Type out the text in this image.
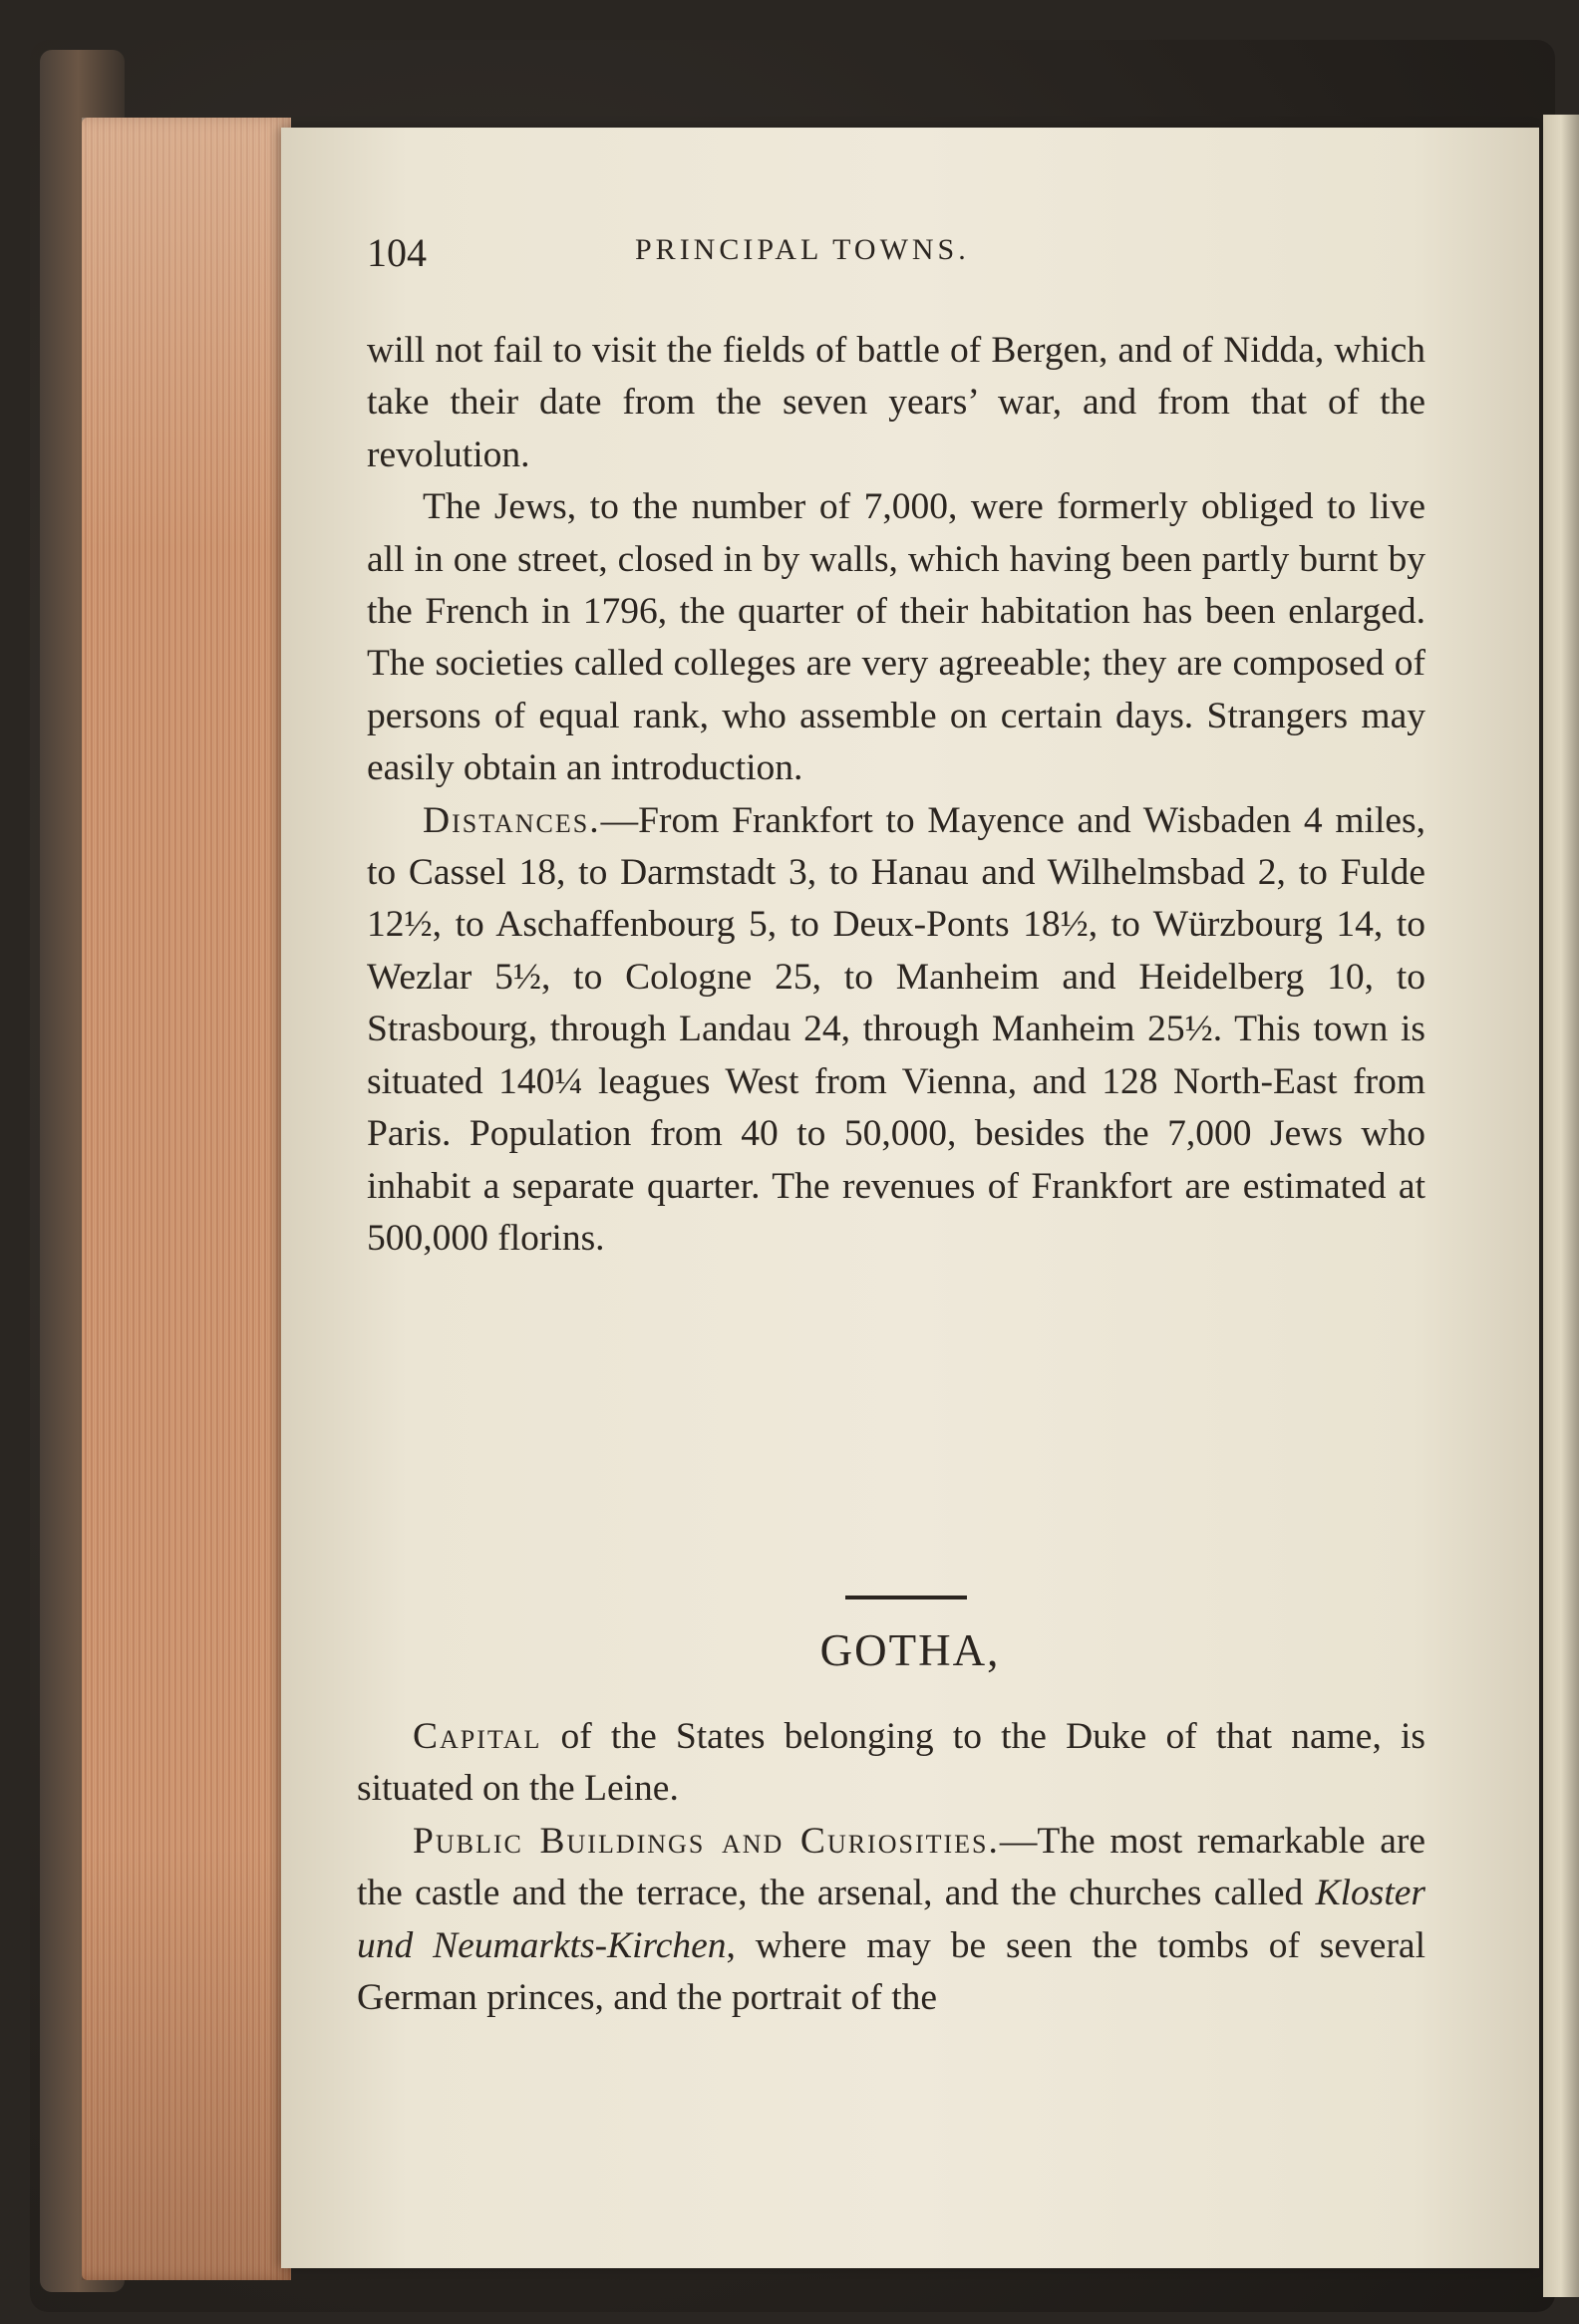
104	PRINCIPAL TOWNS.

will not fail to visit the fields of battle of Bergen, and of Nidda, which take their date from the seven years’ war, and from that of the revolution.

The Jews, to the number of 7,000, were formerly obliged to live all in one street, closed in by walls, which having been partly burnt by the French in 1796, the quarter of their habitation has been enlarged. The societies called colleges are very agreeable; they are composed of persons of equal rank, who assemble on certain days. Strangers may easily obtain an introduction.

Distances.—From Frankfort to Mayence and Wisbaden 4 miles, to Cassel 18, to Darmstadt 3, to Hanau and Wilhelmsbad 2, to Fulde 12½, to Aschaffenbourg 5, to Deux-Ponts 18½, to Würzbourg 14, to Wezlar 5½, to Cologne 25, to Manheim and Heidelberg 10, to Strasbourg, through Landau 24, through Manheim 25½. This town is situated 140¼ leagues West from Vienna, and 128 North-East from Paris. Population from 40 to 50,000, besides the 7,000 Jews who inhabit a separate quarter. The revenues of Frankfort are estimated at 500,000 florins.

GOTHA,

Capital of the States belonging to the Duke of that name, is situated on the Leine.

Public Buildings and Curiosities.—The most remarkable are the castle and the terrace, the arsenal, and the churches called Kloster und Neumarkts-Kirchen, where may be seen the tombs of several German princes, and the portrait of the
